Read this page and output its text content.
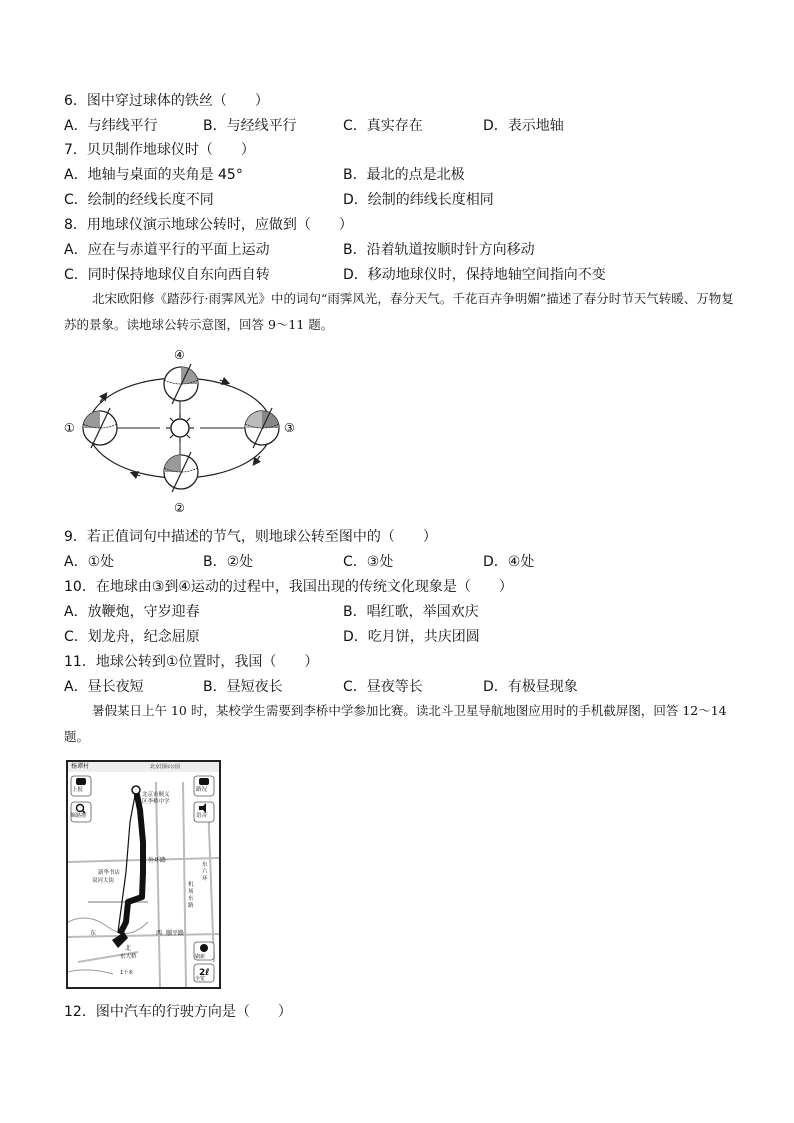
6．图中穿过球体的铁丝（　　）
A．与纬线平行	B．与经线平行	C．真实存在	D．表示地轴
7．贝贝制作地球仪时（　　）
A．地轴与桌面的夹角是 45°	B．最北的点是北极
C．绘制的经线长度不同	D．绘制的纬线长度相同
8．用地球仪演示地球公转时，应做到（　　）
A．应在与赤道平行的平面上运动	B．沿着轨道按顺时针方向移动
C．同时保持地球仪自东向西自转	D．移动地球仪时，保持地轴空间指向不变
北宋欧阳修《踏莎行·雨霁风光》中的词句“雨霁风光，春分天气。千花百卉争明媚”描述了春分时节天气转暖、万物复苏的景象。读地球公转示意图，回答 9～11 题。
①
②
③
④
9．若正值词句中描述的节气，则地球公转至图中的（　　）
A．①处	B．②处	C．③处	D．④处
10．在地球由③到④运动的过程中，我国出现的传统文化现象是（　　）
A．放鞭炮，守岁迎春	B．唱红歌，举国欢庆
C．划龙舟，纪念屈原	D．吃月饼，共庆团圆
11．地球公转到①位置时，我国（　　）
A．昼长夜短	B．昼短夜长	C．昼夜等长	D．有极昼现象
暑假某日上午 10 时，某校学生需要到李桥中学参加比赛。读北斗卫星导航地图应用时的手机截屏图，回答 12～14 题。
2ℓ
杨谭村	北京国际公园
上报
顺路搜
路况
语音
北京市顺义
区李桥中学
外环路
新华书店
双河大街
机场东路
东六环
东	西 顺平路
北
东大桥
1千米
刷新
全览
12．图中汽车的行驶方向是（　　）
